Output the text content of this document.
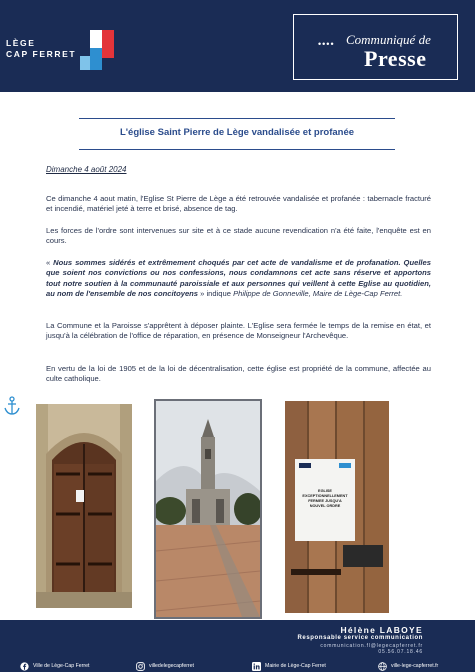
LÈGE
CAP FERRET
•••• Communiqué de
Presse
L'église Saint Pierre de Lège vandalisée et profanée
Dimanche 4 août 2024

Ce dimanche 4 aout matin, l'Eglise St Pierre de Lège a été retrouvée vandalisée et profanée : tabernacle fracturé et incendié, matériel jeté à terre et brisé, absence de tag.

Les forces de l'ordre sont intervenues sur site et à ce stade aucune revendication n'a été faite, l'enquête est en cours.

« Nous sommes sidérés et extrêmement choqués par cet acte de vandalisme et de profanation. Quelles que soient nos convictions ou nos confessions, nous condamnons cet acte sans réserve et apportons tout notre soutien à la communauté paroissiale et aux personnes qui veillent à cette Eglise au quotidien, au nom de l'ensemble de nos concitoyens » indique Philippe de Gonneville, Maire de Lège-Cap Ferret.

La Commune et la Paroisse s'apprêtent à déposer plainte. L'Eglise sera fermée le temps de la remise en état, et jusqu'à la célébration de l'office de réparation, en présence de Monseigneur l'Archevêque.

En vertu de la loi de 1905 et de la loi de décentralisation, cette église est propriété de la commune, affectée au culte catholique.

EGLISE
EXCEPTIONNELLEMENT
FERMEE JUSQU'A
NOUVEL ORDRE
Hélène LABOYE
Responsable service communication
communication.fl@legecapferret.fr
05.56.07.18.46
Ville de Lège-Cap Ferret	villedelegecapferret	Mairie de Lège-Cap Ferret	ville-lege-capferret.fr
